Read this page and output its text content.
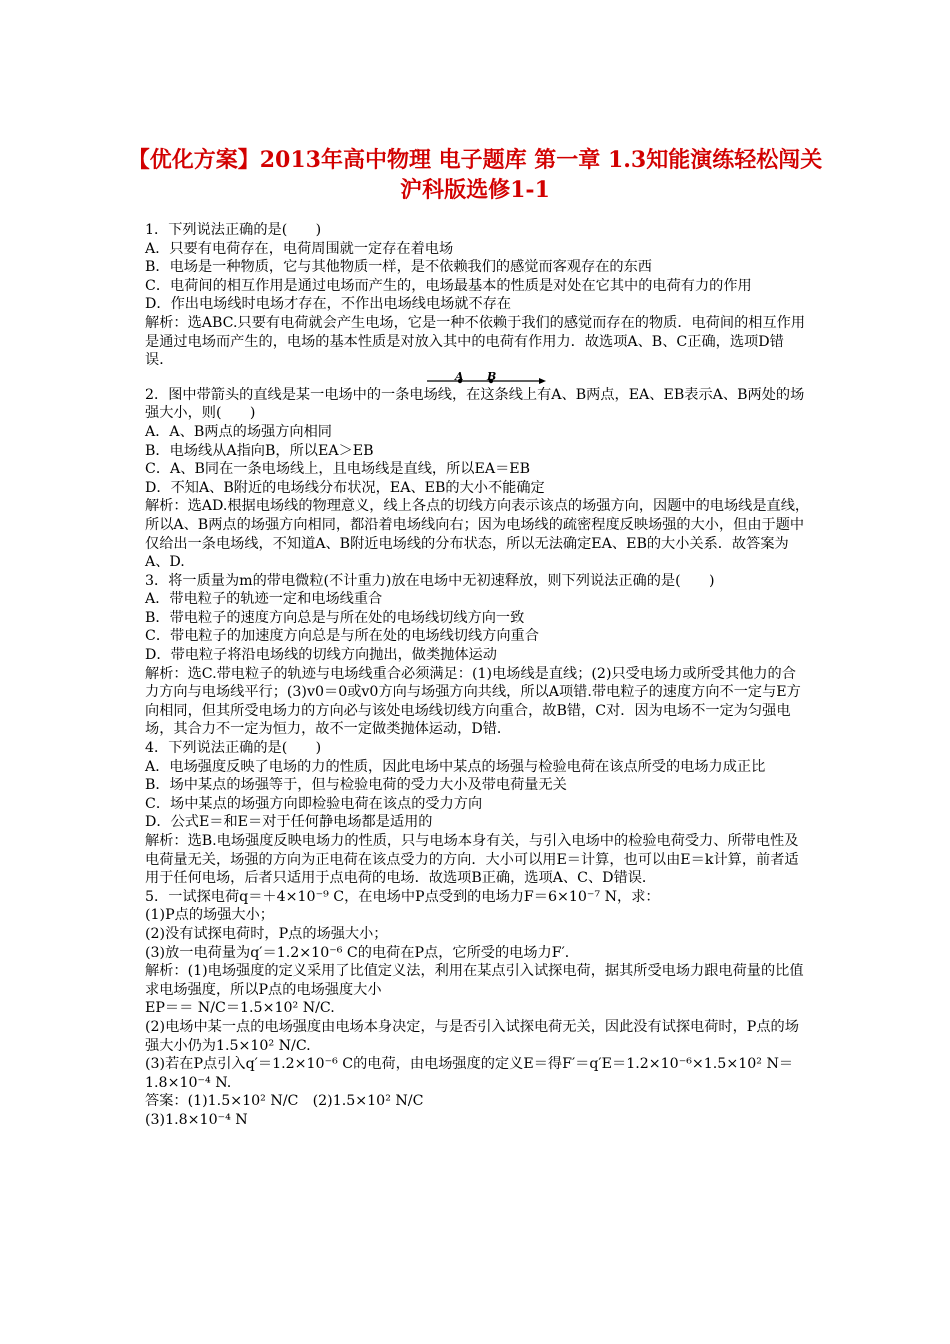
【优化方案】2013年高中物理 电子题库 第一章 1.3知能演练轻松闯关
沪科版选修1-1

1．下列说法正确的是(　　)

A．只要有电荷存在，电荷周围就一定存在着电场

B．电场是一种物质，它与其他物质一样，是不依赖我们的感觉而客观存在的东西

C．电荷间的相互作用是通过电场而产生的，电场最基本的性质是对处在它其中的电荷有力的作用

D．作出电场线时电场才存在，不作出电场线电场就不存在

解析：选ABC.只要有电荷就会产生电场，它是一种不依赖于我们的感觉而存在的物质．电荷间的相互作用是通过电场而产生的，电场的基本性质是对放入其中的电荷有作用力．故选项A、B、C正确，选项D错误．

A B

2．图中带箭头的直线是某一电场中的一条电场线，在这条线上有A、B两点，EA、EB表示A、B两处的场强大小，则(　　)

A．A、B两点的场强方向相同

B．电场线从A指向B，所以EA＞EB

C．A、B同在一条电场线上，且电场线是直线，所以EA＝EB

D．不知A、B附近的电场线分布状况，EA、EB的大小不能确定

解析：选AD.根据电场线的物理意义，线上各点的切线方向表示该点的场强方向，因题中的电场线是直线，所以A、B两点的场强方向相同，都沿着电场线向右；因为电场线的疏密程度反映场强的大小，但由于题中仅给出一条电场线，不知道A、B附近电场线的分布状态，所以无法确定EA、EB的大小关系．故答案为A、D.

3．将一质量为m的带电微粒(不计重力)放在电场中无初速释放，则下列说法正确的是(　　)

A．带电粒子的轨迹一定和电场线重合

B．带电粒子的速度方向总是与所在处的电场线切线方向一致

C．带电粒子的加速度方向总是与所在处的电场线切线方向重合

D．带电粒子将沿电场线的切线方向抛出，做类抛体运动

解析：选C.带电粒子的轨迹与电场线重合必须满足：(1)电场线是直线；(2)只受电场力或所受其他力的合力方向与电场线平行；(3)v0＝0或v0方向与场强方向共线，所以A项错.带电粒子的速度方向不一定与E方向相同，但其所受电场力的方向必与该处电场线切线方向重合，故B错，C对．因为电场不一定为匀强电场，其合力不一定为恒力，故不一定做类抛体运动，D错．

4．下列说法正确的是(　　)

A．电场强度反映了电场的力的性质，因此电场中某点的场强与检验电荷在该点所受的电场力成正比

B．场中某点的场强等于，但与检验电荷的受力大小及带电荷量无关

C．场中某点的场强方向即检验电荷在该点的受力方向

D．公式E＝和E＝对于任何静电场都是适用的

解析：选B.电场强度反映电场力的性质，只与电场本身有关，与引入电场中的检验电荷受力、所带电性及电荷量无关，场强的方向为正电荷在该点受力的方向．大小可以用E＝计算，也可以由E＝k计算，前者适用于任何电场，后者只适用于点电荷的电场．故选项B正确，选项A、C、D错误．

5．一试探电荷q＝＋4×10⁻⁹ C，在电场中P点受到的电场力F＝6×10⁻⁷ N，求：

(1)P点的场强大小；

(2)没有试探电荷时，P点的场强大小；

(3)放一电荷量为q′＝1.2×10⁻⁶ C的电荷在P点，它所受的电场力F′．

解析：(1)电场强度的定义采用了比值定义法，利用在某点引入试探电荷，据其所受电场力跟电荷量的比值求电场强度，所以P点的电场强度大小

EP＝＝ N/C＝1.5×10² N/C.

(2)电场中某一点的电场强度由电场本身决定，与是否引入试探电荷无关，因此没有试探电荷时，P点的场强大小仍为1.5×10² N/C.

(3)若在P点引入q′＝1.2×10⁻⁶ C的电荷，由电场强度的定义E＝得F′＝q′E＝1.2×10⁻⁶×1.5×10² N＝1.8×10⁻⁴ N.

答案：(1)1.5×10² N/C　(2)1.5×10² N/C

(3)1.8×10⁻⁴ N
